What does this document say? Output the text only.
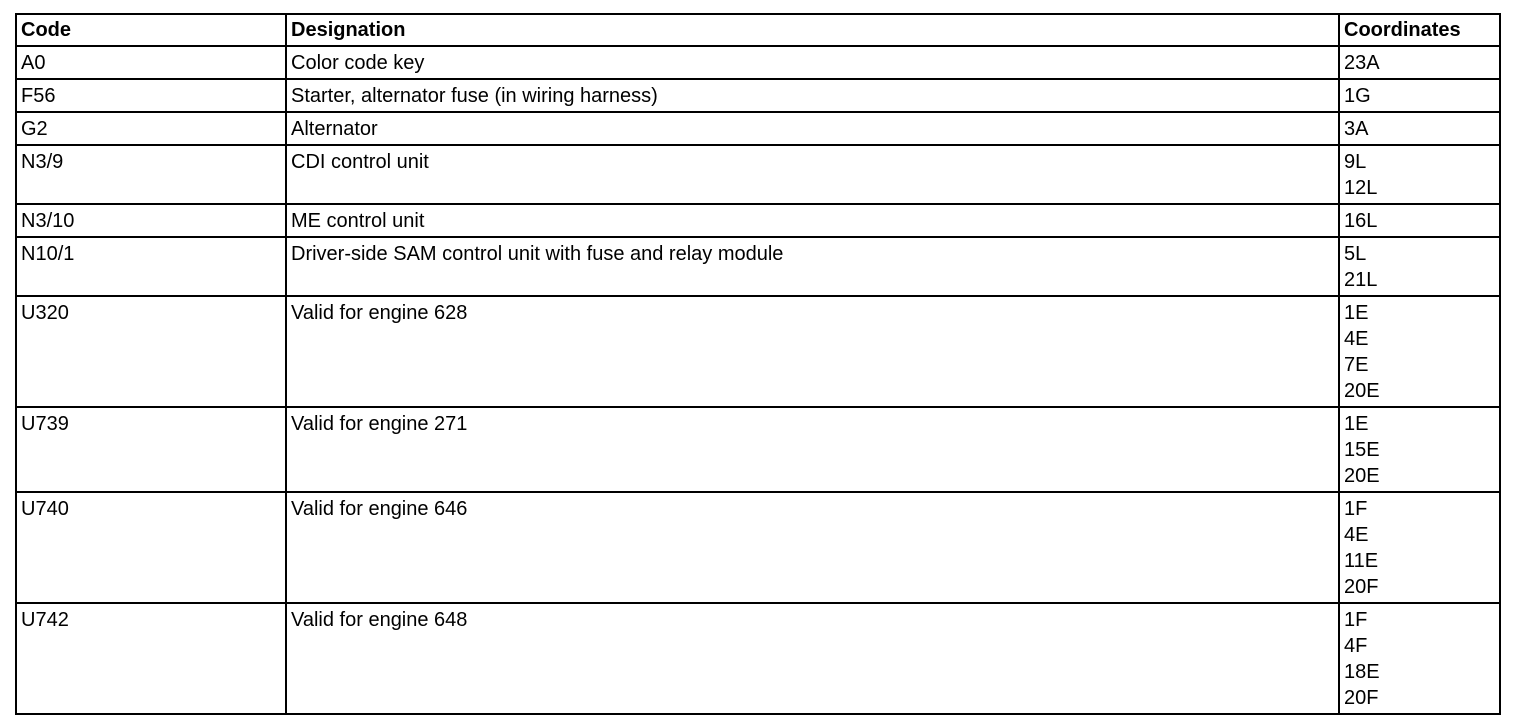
Code	Designation	Coordinates
A0	Color code key	23A

F56	Starter, alternator fuse (in wiring harness)	1G

G2	Alternator	3A

N3/9	CDI control unit	9L
12L

N3/10	ME control unit	16L

N10/1	Driver-side SAM control unit with fuse and relay module	5L
21L

U320	Valid for engine 628	1E
4E
7E
20E

U739	Valid for engine 271	1E
15E
20E

U740	Valid for engine 646	1F
4E
11E
20F

U742	Valid for engine 648	1F
4F
18E
20F
